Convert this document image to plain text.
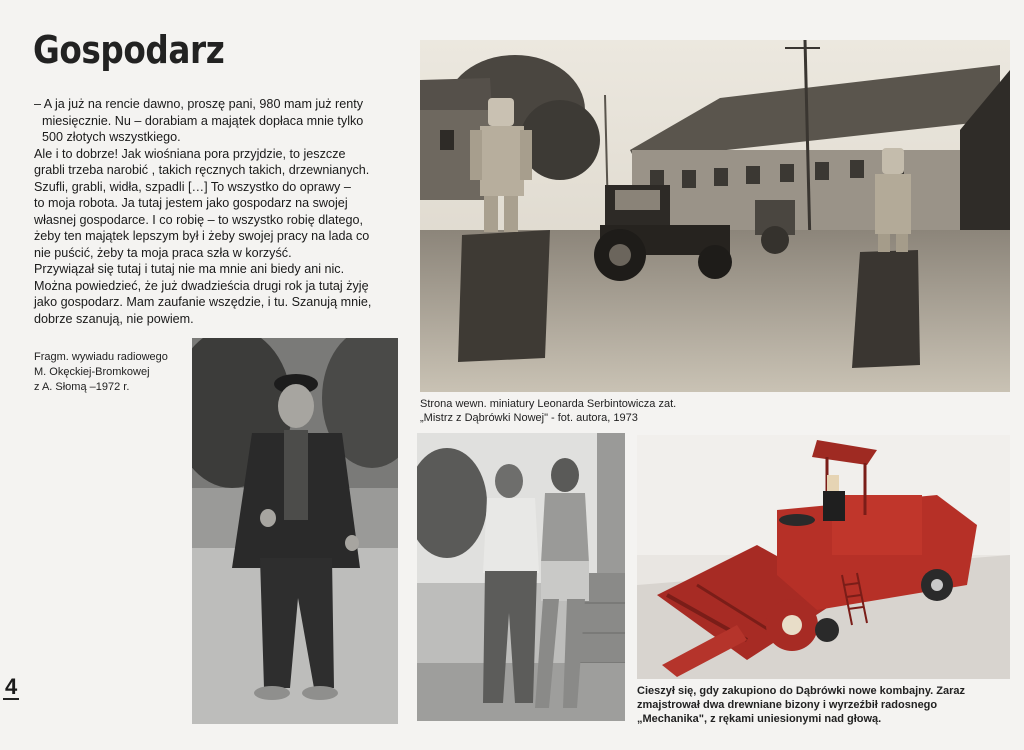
Gospodarz

– A ja już na rencie dawno, proszę pani, 980 mam już renty

miesięcznie. Nu – dorabiam a majątek dopłaca mnie tylko

500 złotych wszystkiego.

Ale i to dobrze! Jak wiośniana pora przyjdzie, to jeszcze

grabli trzeba narobić , takich ręcznych takich, drzewnianych.

Szufli, grabli, widła, szpadli […] To wszystko do oprawy –

to moja robota. Ja tutaj jestem jako gospodarz na swojej

własnej gospodarce. I co robię – to wszystko robię dlatego,

żeby ten majątek lepszym był i żeby swojej pracy na lada co

nie puścić, żeby ta moja praca szła w korzyść.

Przywiązał się tutaj i tutaj nie ma mnie ani biedy ani nic.

Można powiedzieć, że już dwadzieścia drugi rok ja tutaj żyję

jako gospodarz. Mam zaufanie wszędzie, i tu. Szanują mnie,

dobrze szanują, nie powiem.

Fragm. wywiadu radiowego
M. Okęckiej-Bromkowej
z A. Słomą –1972 r.
Strona wewn. miniatury Leonarda Serbintowicza zat.
„Mistrz z Dąbrówki Nowej" - fot. autora, 1973
Cieszył się, gdy zakupiono do Dąbrówki nowe kombajny. Zaraz
zmajstrował dwa drewniane bizony i wyrzeźbił radosnego
„Mechanika", z rękami uniesionymi nad głową.
4
